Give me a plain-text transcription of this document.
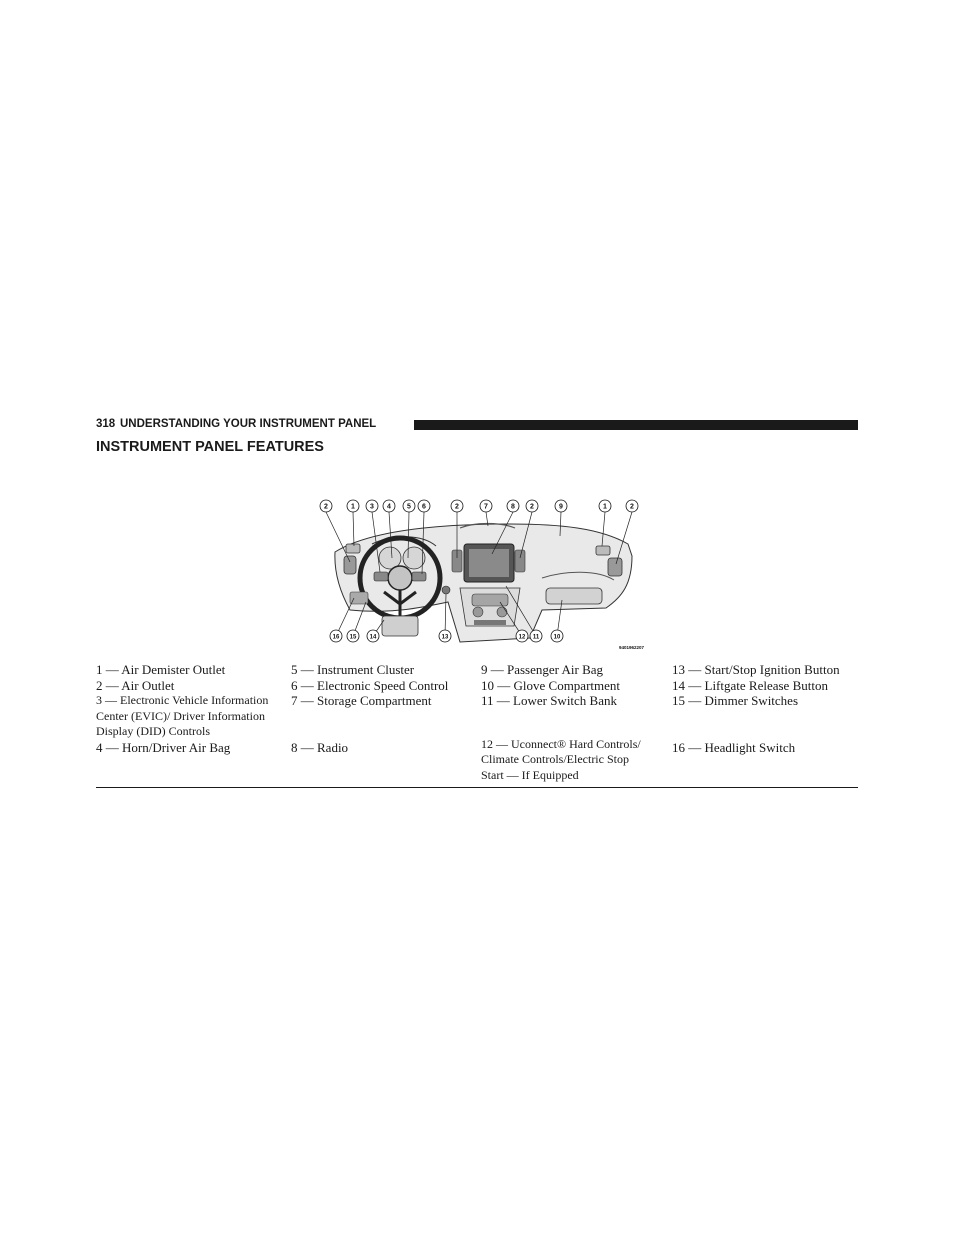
318 UNDERSTANDING YOUR INSTRUMENT PANEL
INSTRUMENT PANEL FEATURES
2	1 3 4 5 6	2	7	8 2	9	1	2
16 15 14	13	12 11 10
9401962207
1 — Air Demister Outlet
2 — Air Outlet
3 — Electronic Vehicle Information
Center (EVIC)/ Driver Information
Display (DID) Controls
4 — Horn/Driver Air Bag
5 — Instrument Cluster
6 — Electronic Speed Control
7 — Storage Compartment
8 — Radio
9 — Passenger Air Bag
10 — Glove Compartment
11 — Lower Switch Bank
12 — Uconnect® Hard Controls/
Climate Controls/Electric Stop
Start — If Equipped
13 — Start/Stop Ignition Button
14 — Liftgate Release Button
15 — Dimmer Switches
16 — Headlight Switch
